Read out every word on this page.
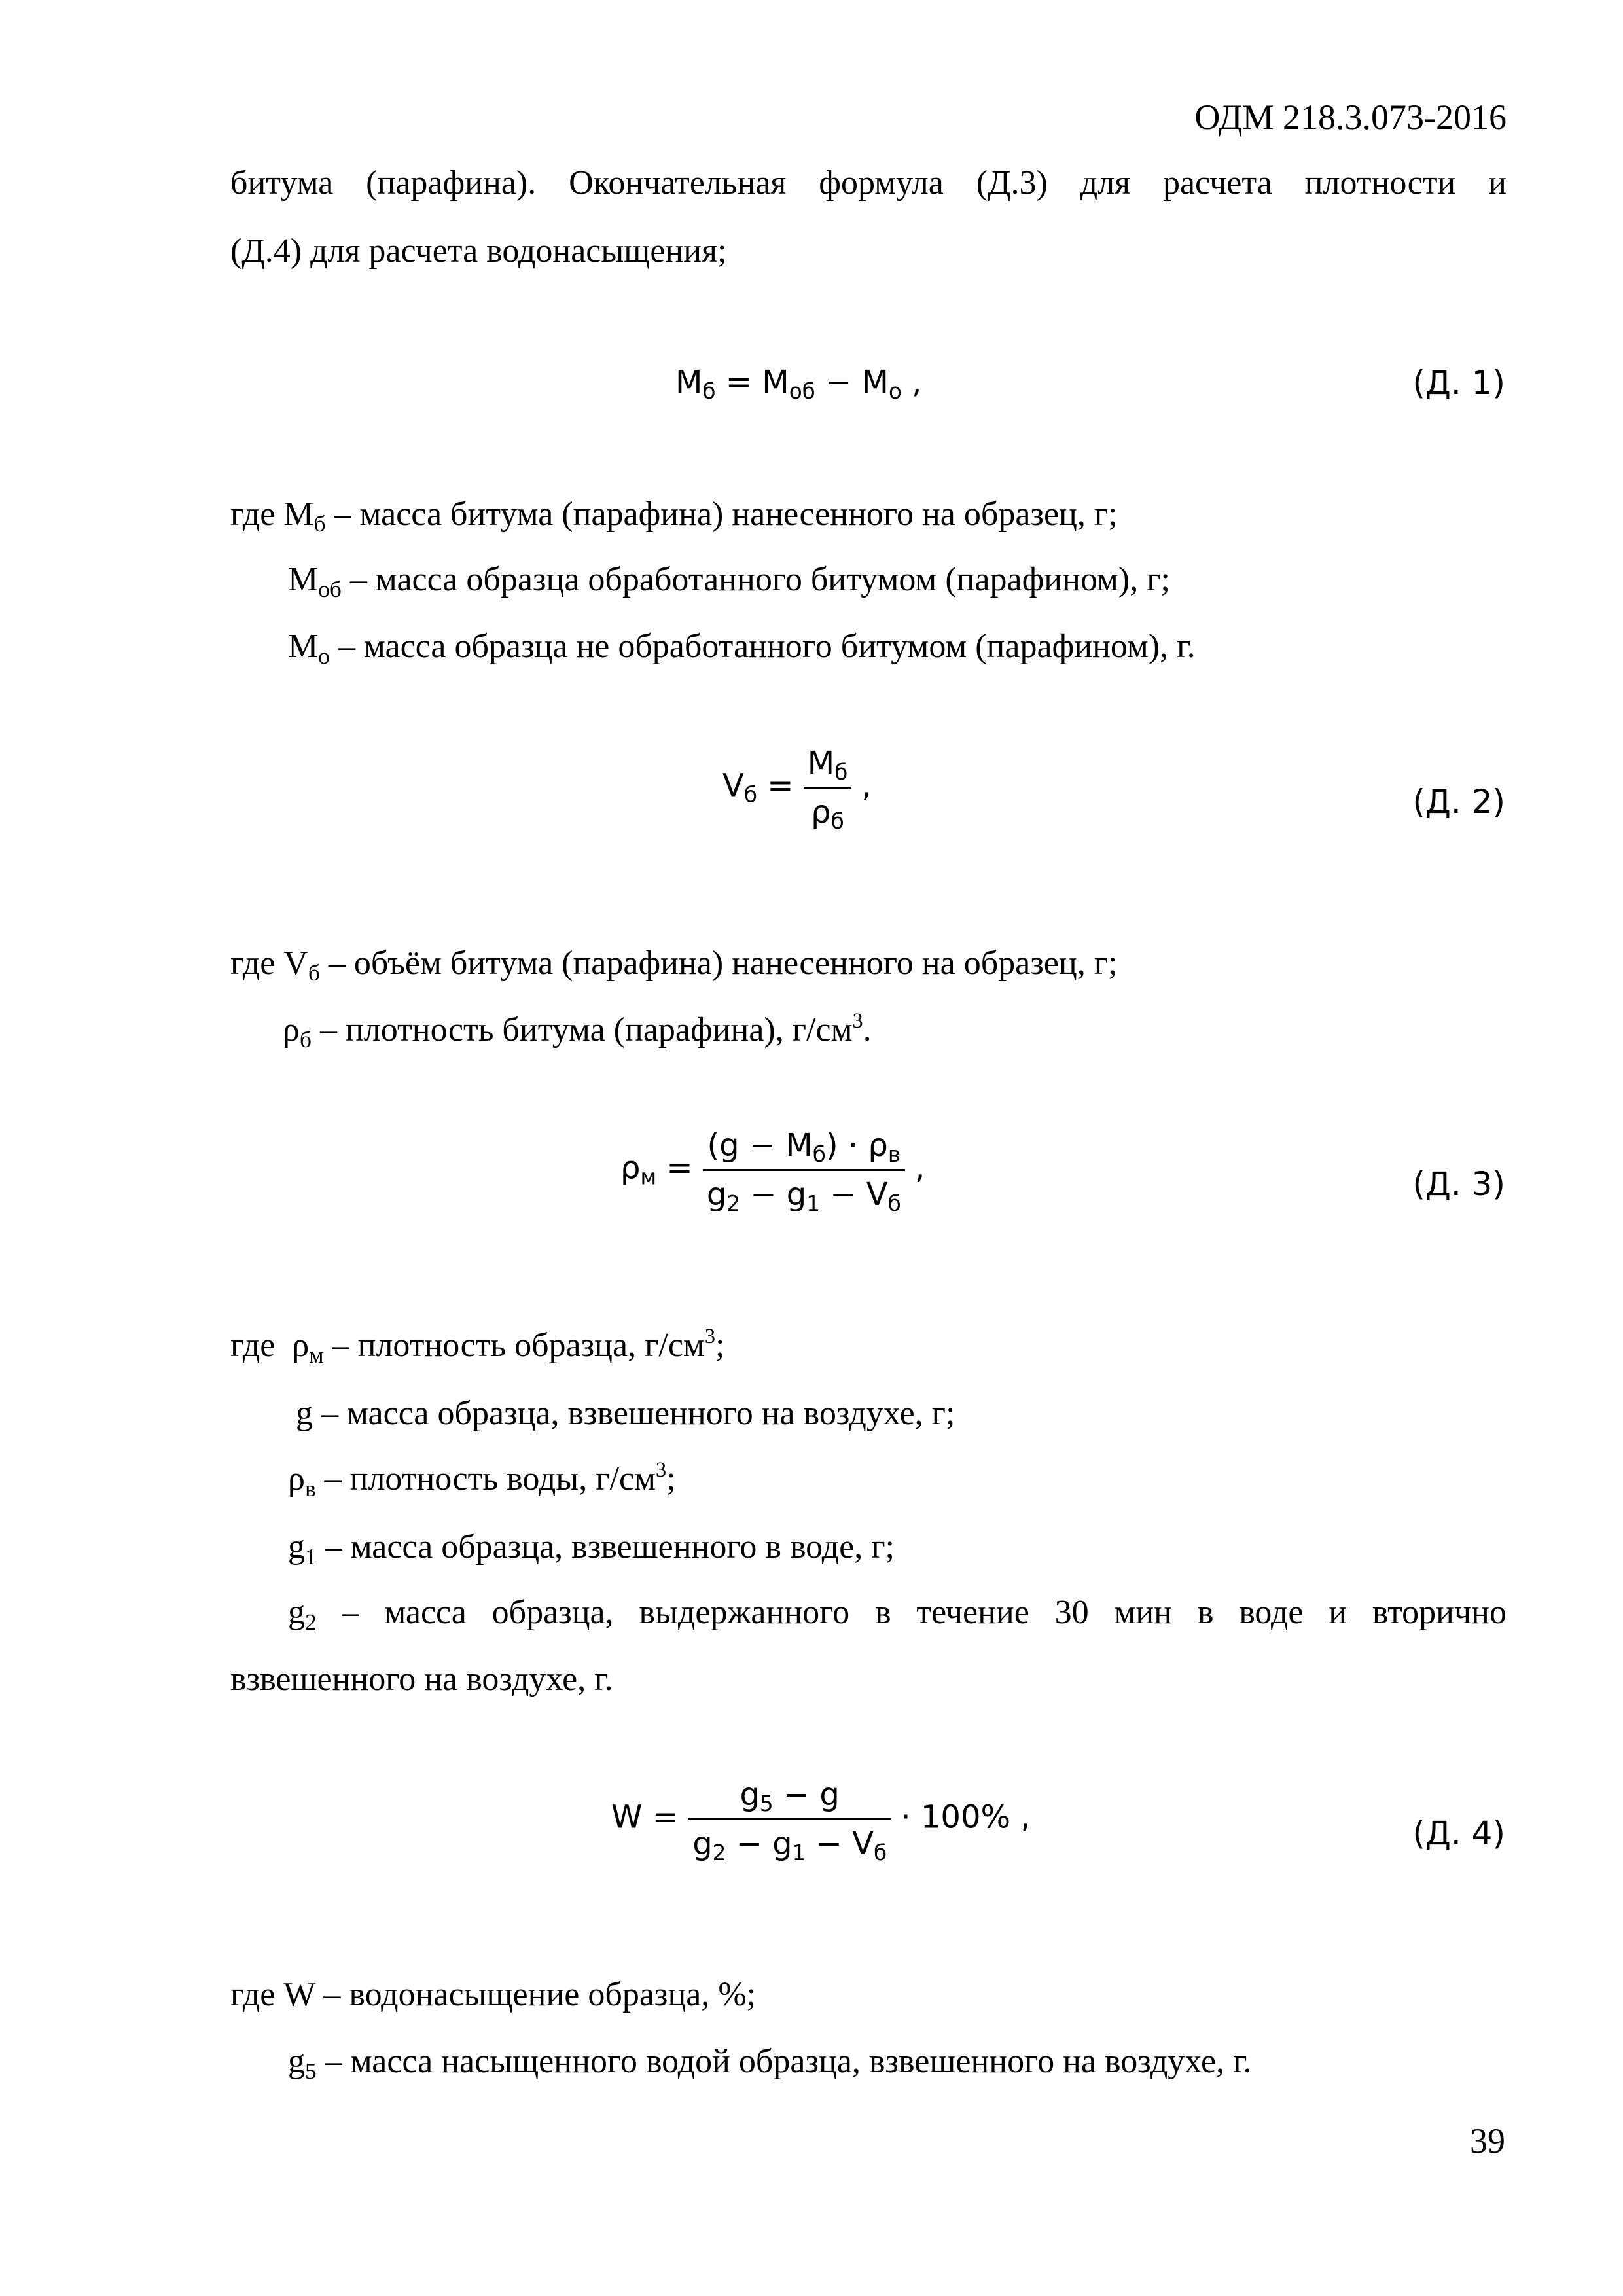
ОДМ 218.3.073-2016
битума (парафина). Окончательная формула (Д.3) для расчета плотности и
(Д.4) для расчета водонасыщения;
$M_б = M_{об} - M_о$ ,	(Д. 1)
где $M_б$ – масса битума (парафина) нанесенного на образец, г;
$M_{об}$ – масса образца обработанного битумом (парафином), г;
$M_о$ – масса образца не обработанного битумом (парафином), г.
$V_б = \frac{M_б}{\rho_б}$ ,	(Д. 2)
где $V_б$ – объём битума (парафина) нанесенного на образец, г;
$\rho_б$ – плотность битума (парафина), $г/см^3$.
$\rho_м = \frac{(g - M_б) \cdot \rho_в}{g_2 - g_1 - V_б}$ ,	(Д. 3)
где  $\rho_м$ – плотность образца, $г/см^3$;
g – масса образца, взвешенного на воздухе, г;
$\rho_в$ – плотность воды, $г/см^3$;
$g_1$ – масса образца, взвешенного в воде, г;
$g_2$ – масса образца, выдержанного в течение 30 мин в воде и вторично
взвешенного на воздухе, г.
$W = \frac{g_5 - g}{g_2 - g_1 - V_б} \cdot 100\%$ ,	(Д. 4)
где W – водонасыщение образца, %;
$g_5$ – масса насыщенного водой образца, взвешенного на воздухе, г.
39
